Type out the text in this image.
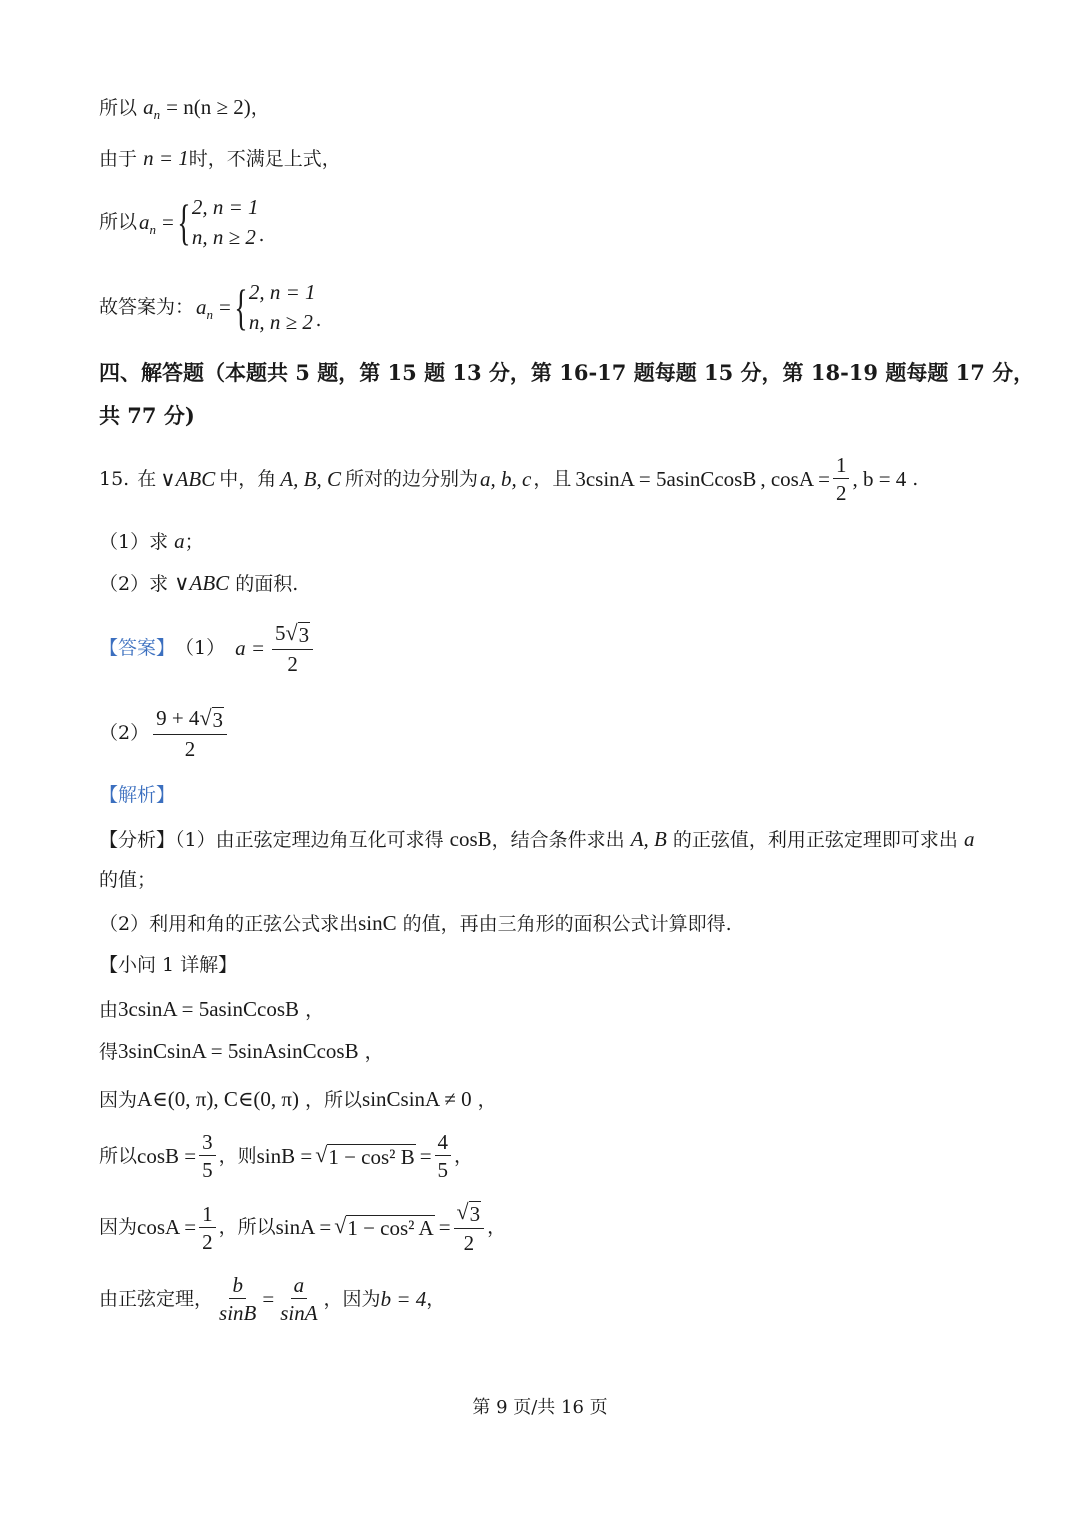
所以 $a_n = n(n \ge 2)$，
由于 n = 1时，不满足上式，
所以 $a_n$ = { 2, n = 1
n, n ≥ 2 .
故答案为： $a_n$ = { 2, n = 1
n, n ≥ 2 .
四、解答题（本题共 5 题，第 15 题 13 分，第 16-17 题每题 15 分，第 18-19 题每题 17 分，
共 77 分)
15. 在 ∨ABC 中，角 A, B, C 所对的边分别为 a, b, c ，且 3csinA = 5asinCcosB , $\cos A = \frac{1}{2}$ , b = 4 .
（1）求 a；
（2）求 ∨ABC 的面积.
【答案】 （1） $a = \frac{5 √ 3}{2}$
$(2) \frac{9 + 4 √ 3}{2}$
【解析】
【分析】（1）由正弦定理边角互化可求得 cosB，结合条件求出 A, B 的正弦值，利用正弦定理即可求出 a
的值；
（2）利用和角的正弦公式求出sinC 的值，再由三角形的面积公式计算即得.
【小问 1 详解】
由3csinA = 5asinCcosB ，
得3sinCsinA = 5sinAsinCcosB ，
因为A∈(0, π), C∈(0, π) ，所以sinCsinA ≠ 0 ，
所以 $\cos B = \frac{3}{5}$ ，则 sinB = √ 1 − cos² $B = \frac{4}{5}$ ，
因为 $\cos A = \frac{1}{2}$ ，所以 sinA = √ 1 − cos² $A = \frac{√ 3}{2}$ ，
由正弦定理， $\frac{b}{\sin B} = \frac{a}{\sin A}$ ，因为 b = 4 ，
第 9 页/共 16 页
